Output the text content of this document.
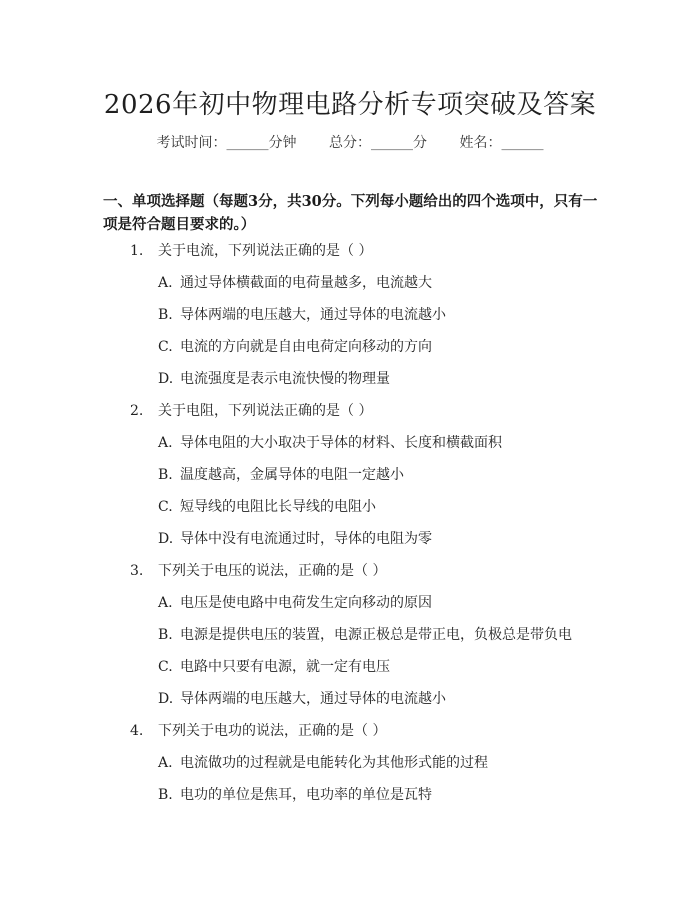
2026年初中物理电路分析专项突破及答案
考试时间：______分钟 总分：______分 姓名：______
一、单项选择题（每题3分，共30分。下列每小题给出的四个选项中，只有一项是符合题目要求的。）
1. 关于电流，下列说法正确的是（ ）
A. 通过导体横截面的电荷量越多，电流越大
B. 导体两端的电压越大，通过导体的电流越小
C. 电流的方向就是自由电荷定向移动的方向
D. 电流强度是表示电流快慢的物理量
2. 关于电阻，下列说法正确的是（ ）
A. 导体电阻的大小取决于导体的材料、长度和横截面积
B. 温度越高，金属导体的电阻一定越小
C. 短导线的电阻比长导线的电阻小
D. 导体中没有电流通过时，导体的电阻为零
3. 下列关于电压的说法，正确的是（ ）
A. 电压是使电路中电荷发生定向移动的原因
B. 电源是提供电压的装置，电源正极总是带正电，负极总是带负电
C. 电路中只要有电源，就一定有电压
D. 导体两端的电压越大，通过导体的电流越小
4. 下列关于电功的说法，正确的是（ ）
A. 电流做功的过程就是电能转化为其他形式能的过程
B. 电功的单位是焦耳，电功率的单位是瓦特
